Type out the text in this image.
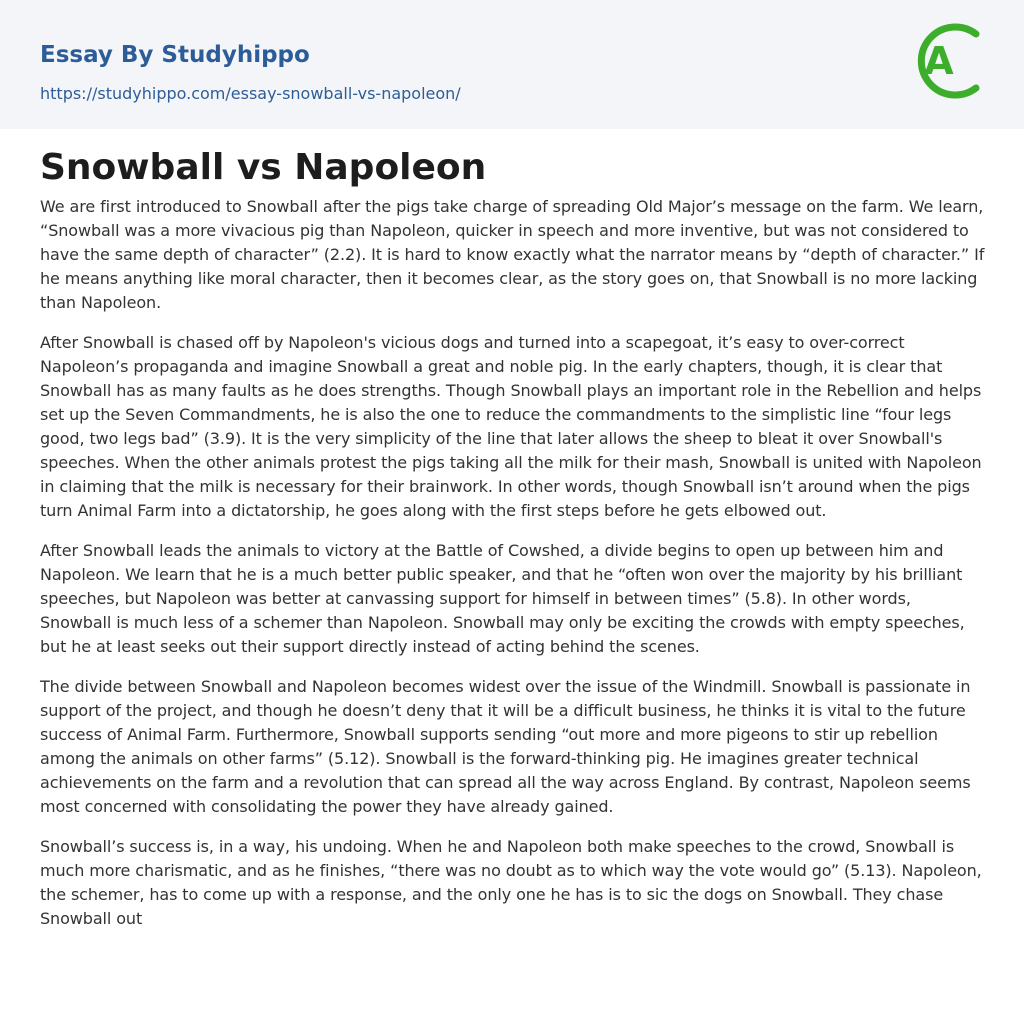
Essay By Studyhippo
https://studyhippo.com/essay-snowball-vs-napoleon/
A
Snowball vs Napoleon

We are first introduced to Snowball after the pigs take charge of spreading Old Major’s message on the farm. We learn, “Snowball was a more vivacious pig than Napoleon, quicker in speech and more inventive, but was not considered to have the same depth of character” (2.2). It is hard to know exactly what the narrator means by “depth of character.” If he means anything like moral character, then it becomes clear, as the story goes on, that Snowball is no more lacking than Napoleon.

After Snowball is chased off by Napoleon's vicious dogs and turned into a scapegoat, it’s easy to over-correct Napoleon’s propaganda and imagine Snowball a great and noble pig. In the early chapters, though, it is clear that Snowball has as many faults as he does strengths. Though Snowball plays an important role in the Rebellion and helps set up the Seven Commandments, he is also the one to reduce the commandments to the simplistic line “four legs good, two legs bad” (3.9). It is the very simplicity of the line that later allows the sheep to bleat it over Snowball's speeches. When the other animals protest the pigs taking all the milk for their mash, Snowball is united with Napoleon in claiming that the milk is necessary for their brainwork. In other words, though Snowball isn’t around when the pigs turn Animal Farm into a dictatorship, he goes along with the first steps before he gets elbowed out.

After Snowball leads the animals to victory at the Battle of Cowshed, a divide begins to open up between him and Napoleon. We learn that he is a much better public speaker, and that he “often won over the majority by his brilliant speeches, but Napoleon was better at canvassing support for himself in between times” (5.8). In other words, Snowball is much less of a schemer than Napoleon. Snowball may only be exciting the crowds with empty speeches, but he at least seeks out their support directly instead of acting behind the scenes.

The divide between Snowball and Napoleon becomes widest over the issue of the Windmill. Snowball is passionate in support of the project, and though he doesn’t deny that it will be a difficult business, he thinks it is vital to the future success of Animal Farm. Furthermore, Snowball supports sending “out more and more pigeons to stir up rebellion among the animals on other farms” (5.12). Snowball is the forward-thinking pig. He imagines greater technical achievements on the farm and a revolution that can spread all the way across England. By contrast, Napoleon seems most concerned with consolidating the power they have already gained.

Snowball’s success is, in a way, his undoing. When he and Napoleon both make speeches to the crowd, Snowball is much more charismatic, and as he finishes, “there was no doubt as to which way the vote would go” (5.13). Napoleon, the schemer, has to come up with a response, and the only one he has is to sic the dogs on Snowball. They chase Snowball out
